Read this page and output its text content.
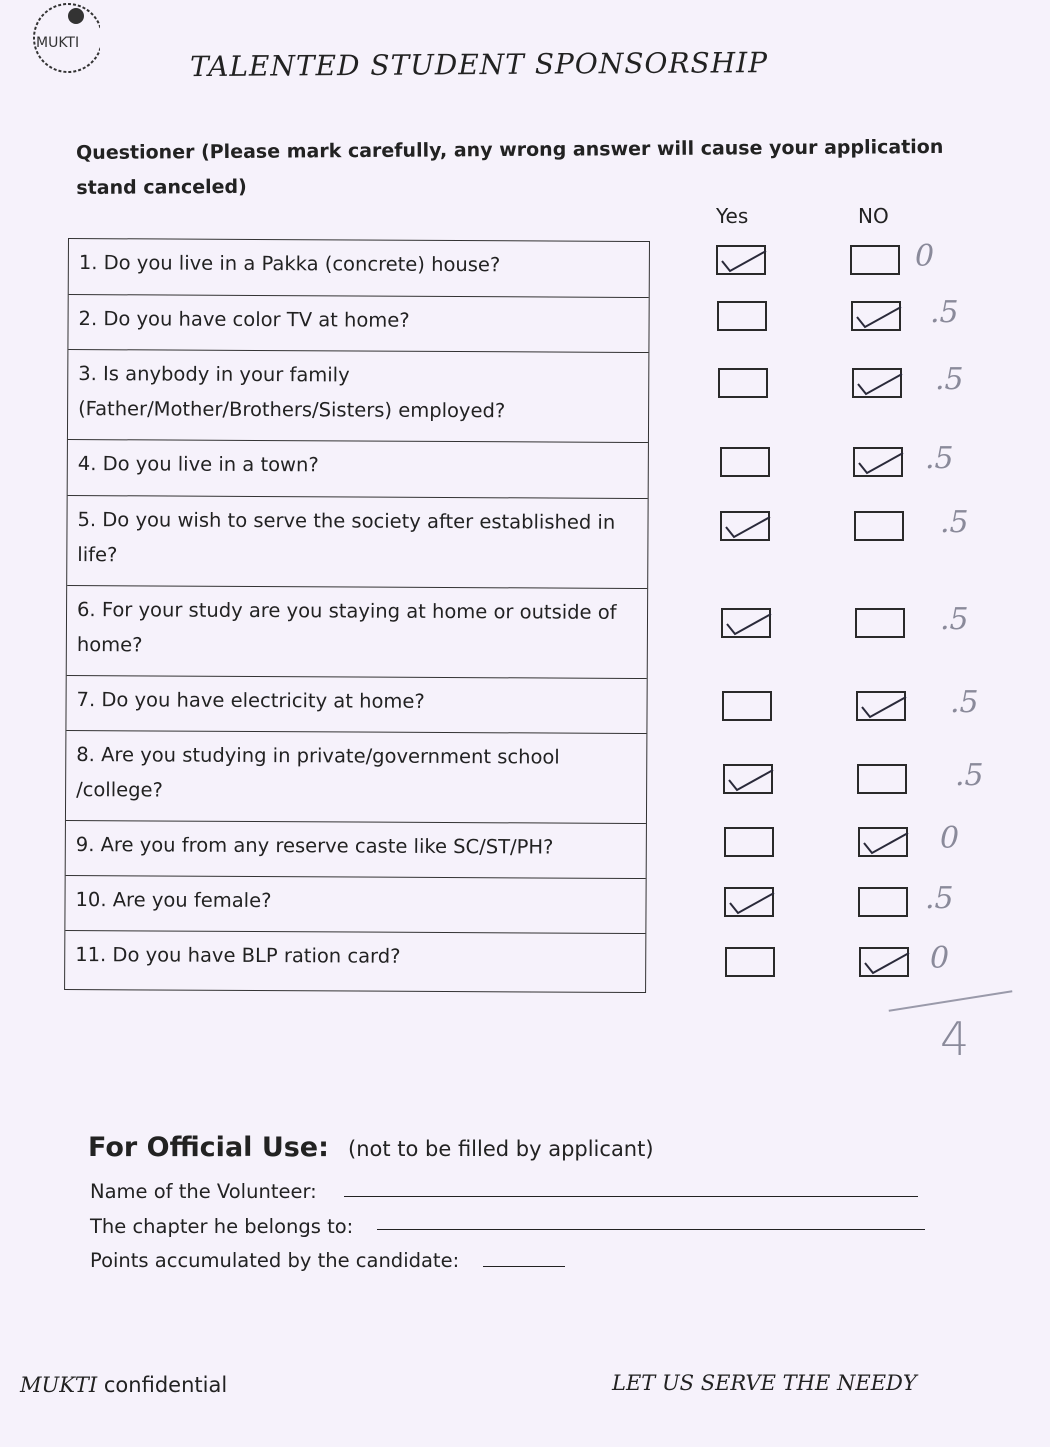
MUKTI
TALENTED STUDENT SPONSORSHIP
Questioner (Please mark carefully, any wrong answer will cause your application stand canceled)
Yes	NO
1. Do you live in a Pakka (concrete) house?
2. Do you have color TV at home?
3. Is anybody in your family (Father/Mother/Brothers/Sisters) employed?
4. Do you live in a town?
5. Do you wish to serve the society after established in life?
6. For your study are you staying at home or outside of home?
7. Do you have electricity at home?
8. Are you studying in private/government school /college?
9. Are you from any reserve caste like SC/ST/PH?
10. Are you female?
11. Do you have BLP ration card?
0
.5
.5
.5
.5
.5
.5
.5
0
.5
0
4
For Official Use: (not to be filled by applicant)
Name of the Volunteer:
The chapter he belongs to:
Points accumulated by the candidate:
MUKTI confidential	LET US SERVE THE NEEDY
